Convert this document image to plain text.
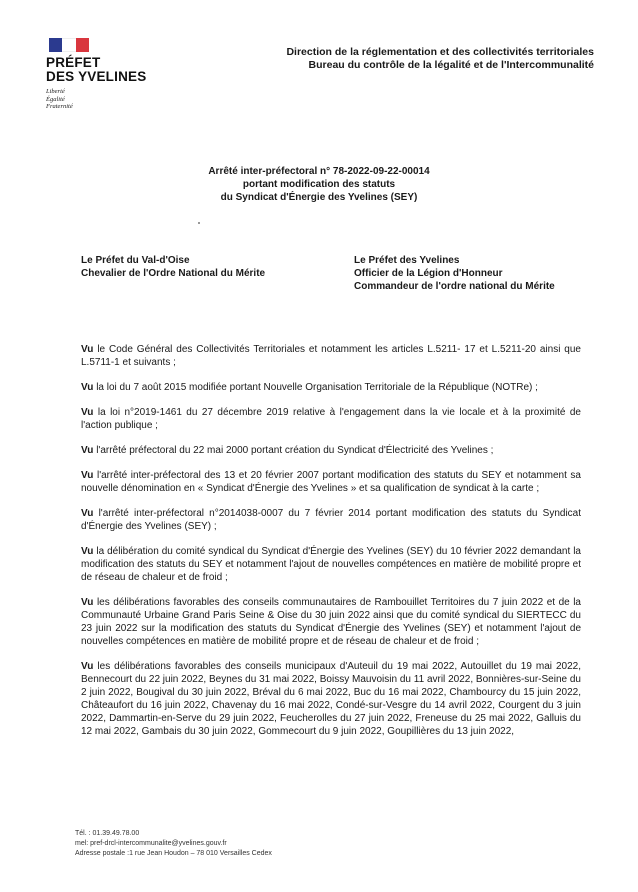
PRÉFET
DES YVELINES
Liberté
Égalité
Fraternité
Direction de la réglementation et des collectivités territoriales
Bureau du contrôle de la légalité et de l'Intercommunalité
Arrêté inter-préfectoral n° 78-2022-09-22-00014
portant modification des statuts
du Syndicat d'Énergie des Yvelines (SEY)
Le Préfet du Val-d'Oise
Chevalier de l'Ordre National du Mérite
Le Préfet des Yvelines
Officier de la Légion d'Honneur
Commandeur de l'ordre national du Mérite

Vu le Code Général des Collectivités Territoriales et notamment les articles L.5211- 17 et L.5211-20 ainsi que L.5711-1 et suivants ;

Vu la loi du 7 août 2015 modifiée portant Nouvelle Organisation Territoriale de la République (NOTRe) ;

Vu la loi n°2019-1461 du 27 décembre 2019 relative à l'engagement dans la vie locale et à la proximité de l'action publique ;

Vu l'arrêté préfectoral du 22 mai 2000 portant création du Syndicat d'Électricité des Yvelines ;

Vu l'arrêté inter-préfectoral des 13 et 20 février 2007 portant modification des statuts du SEY et notamment sa nouvelle dénomination en « Syndicat d'Énergie des Yvelines » et sa qualification de syndicat à la carte ;

Vu l'arrêté inter-préfectoral n°2014038-0007 du 7 février 2014 portant modification des statuts du Syndicat d'Énergie des Yvelines (SEY) ;

Vu la délibération du comité syndical du Syndicat d'Énergie des Yvelines (SEY) du 10 février 2022 demandant la modification des statuts du SEY et notamment l'ajout de nouvelles compétences en matière de mobilité propre et de réseau de chaleur et de froid ;

Vu les délibérations favorables des conseils communautaires de Rambouillet Territoires du 7 juin 2022 et de la Communauté Urbaine Grand Paris Seine & Oise du 30 juin 2022 ainsi que du comité syndical du SIERTECC du 23 juin 2022 sur la modification des statuts du Syndicat d'Énergie des Yvelines (SEY) et notamment l'ajout de nouvelles compétences en matière de mobilité propre et de réseau de chaleur et de froid ;

Vu les délibérations favorables des conseils municipaux d'Auteuil du 19 mai 2022, Autouillet du 19 mai 2022, Bennecourt du 22 juin 2022, Beynes du 31 mai 2022, Boissy Mauvoisin du 11 avril 2022, Bonnières-sur-Seine du 2 juin 2022, Bougival du 30 juin 2022, Bréval du 6 mai 2022, Buc du 16 mai 2022, Chambourcy du 15 juin 2022, Châteaufort du 16 juin 2022, Chavenay du 16 mai 2022, Condé-sur-Vesgre du 14 avril 2022, Courgent du 3 juin 2022, Dammartin-en-Serve du 29 juin 2022, Feucherolles du 27 juin 2022, Freneuse du 25 mai 2022, Galluis du 12 mai 2022, Gambais du 30 juin 2022, Gommecourt du 9 juin 2022, Goupillières du 13 juin 2022,

Tél. : 01.39.49.78.00
mel: pref-drcl-intercommunalite@yvelines.gouv.fr
Adresse postale :1 rue Jean Houdon – 78 010 Versailles Cedex
